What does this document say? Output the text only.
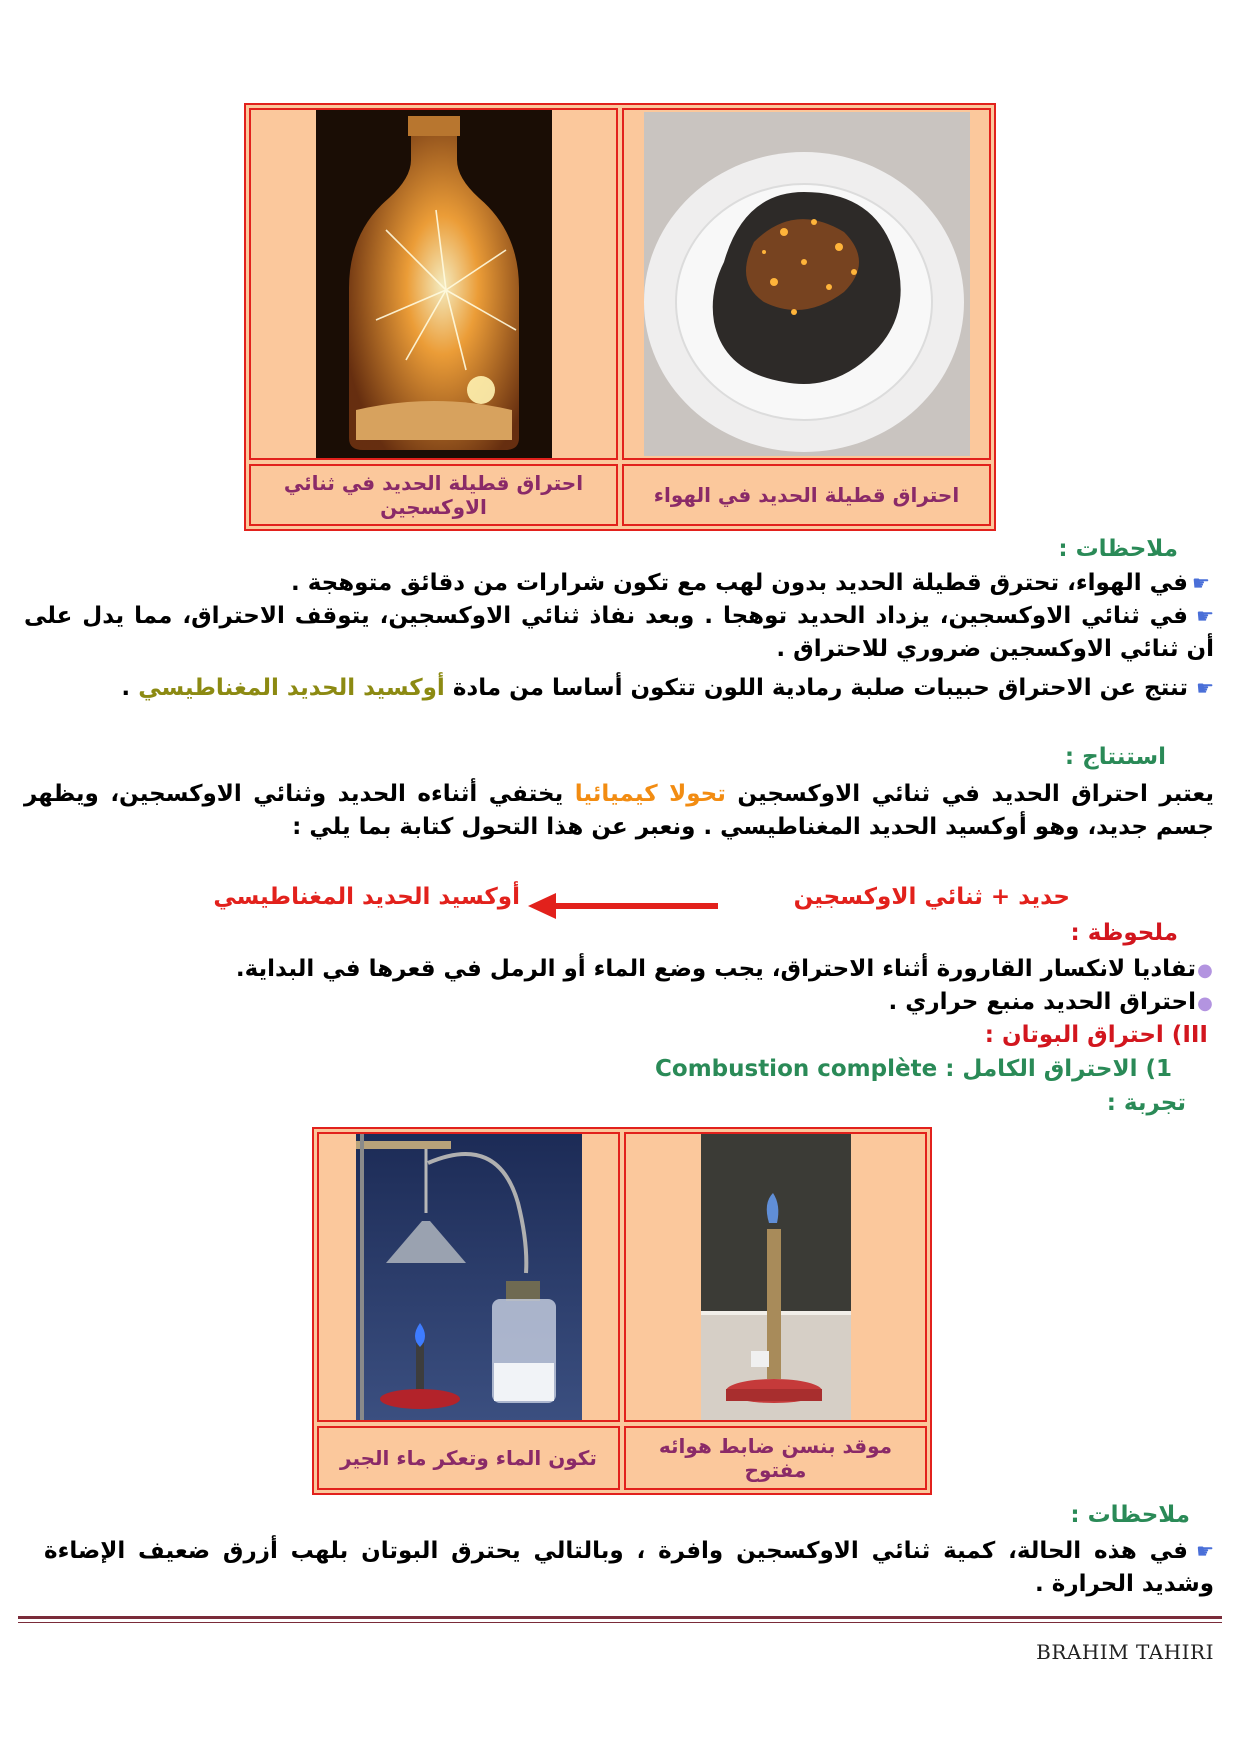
احتراق قطيلة الحديد في ثنائي الاوكسجين	احتراق قطيلة الحديد في الهواء
ملاحظات :
☛في الهواء، تحترق قطيلة الحديد بدون لهب مع تكون شرارات من دقائق متوهجة .
☛في ثنائي الاوكسجين، يزداد الحديد توهجا . وبعد نفاذ ثنائي الاوكسجين، يتوقف الاحتراق، مما يدل على أن ثنائي الاوكسجين ضروري للاحتراق .
☛تنتج عن الاحتراق حبيبات صلبة رمادية اللون تتكون أساسا من مادة أوكسيد الحديد المغناطيسي .
استنتاج :
يعتبر احتراق الحديد في ثنائي الاوكسجين تحولا كيميائيا يختفي أثناءه الحديد وثنائي الاوكسجين، ويظهر جسم جديد، وهو أوكسيد الحديد المغناطيسي . ونعبر عن هذا التحول كتابة بما يلي :
حديد + ثنائي الاوكسجين
أوكسيد الحديد المغناطيسي
ملحوظة :
●تفاديا لانكسار القارورة أثناء الاحتراق، يجب وضع الماء أو الرمل في قعرها في البداية.
●احتراق الحديد منبع حراري .
III) احتراق البوتان :
1) الاحتراق الكامل : Combustion complète
تجربة :
تكون الماء وتعكر ماء الجير	موقد بنسن ضابط هوائه مفتوح
ملاحظات :
☛في هذه الحالة، كمية ثنائي الاوكسجين وافرة ، وبالتالي يحترق البوتان بلهب أزرق ضعيف الإضاءة وشديد الحرارة .
BRAHIM TAHIRI
